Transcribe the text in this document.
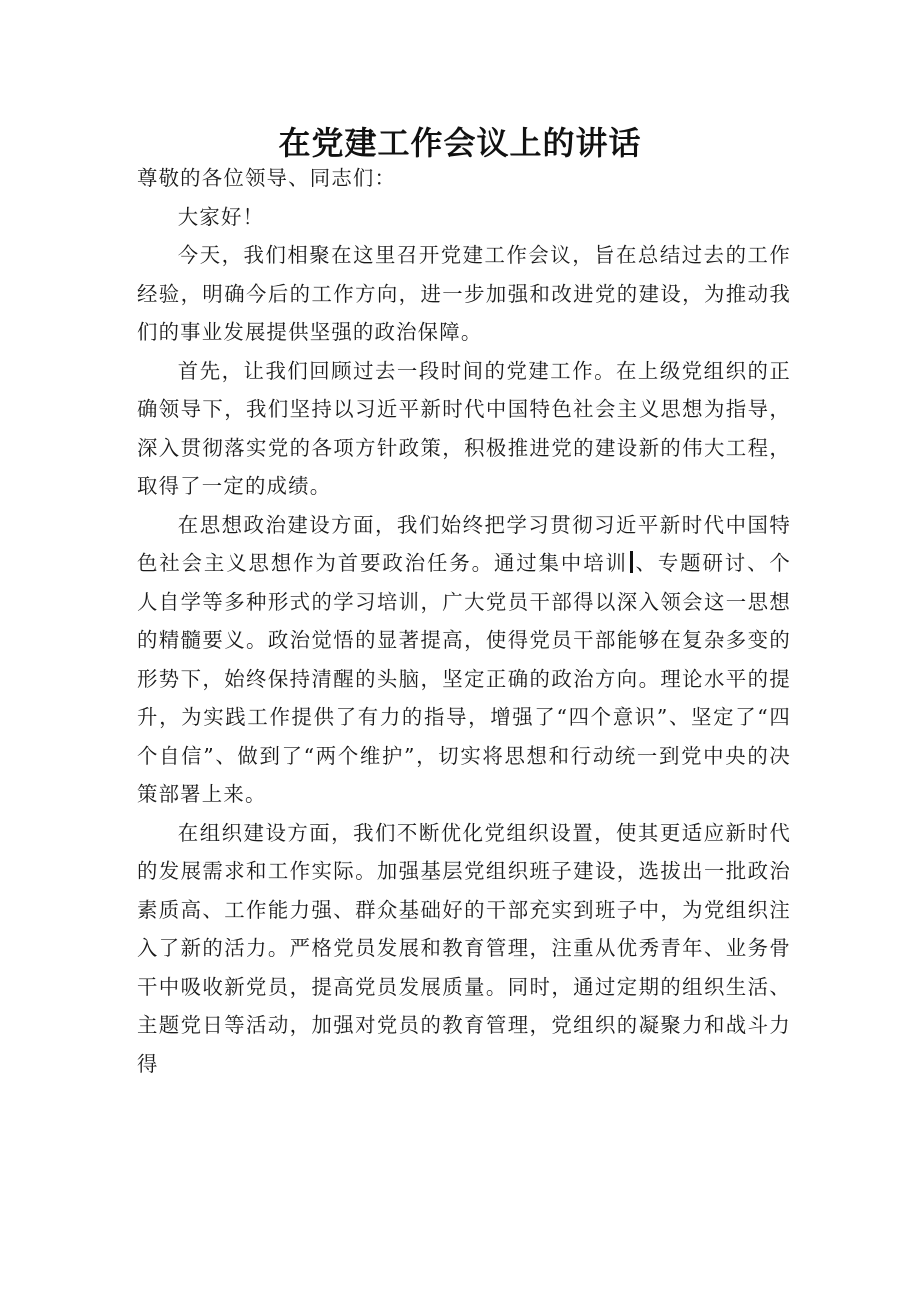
在党建工作会议上的讲话

尊敬的各位领导、同志们：

大家好！

今天，我们相聚在这里召开党建工作会议，旨在总结过去的工作经验，明确今后的工作方向，进一步加强和改进党的建设，为推动我们的事业发展提供坚强的政治保障。

首先，让我们回顾过去一段时间的党建工作。在上级党组织的正确领导下，我们坚持以习近平新时代中国特色社会主义思想为指导，深入贯彻落实党的各项方针政策，积极推进党的建设新的伟大工程，取得了一定的成绩。

在思想政治建设方面，我们始终把学习贯彻习近平新时代中国特色社会主义思想作为首要政治任务。通过集中培训 、专题研讨、个人自学等多种形式的学习培训，广大党员干部得以深入领会这一思想的精髓要义。政治觉悟的显著提高，使得党员干部能够在复杂多变的形势下，始终保持清醒的头脑，坚定正确的政治方向。理论水平的提升，为实践工作提供了有力的指导，增强了“四个意识”、坚定了“四个自信”、做到了“两个维护”，切实将思想和行动统一到党中央的决策部署上来。

在组织建设方面，我们不断优化党组织设置，使其更适应新时代的发展需求和工作实际。加强基层党组织班子建设，选拔出一批政治素质高、工作能力强、群众基础好的干部充实到班子中，为党组织注入了新的活力。严格党员发展和教育管理，注重从优秀青年、业务骨干中吸收新党员，提高党员发展质量。同时，通过定期的组织生活、主题党日等活动，加强对党员的教育管理，党组织的凝聚力和战斗力得
